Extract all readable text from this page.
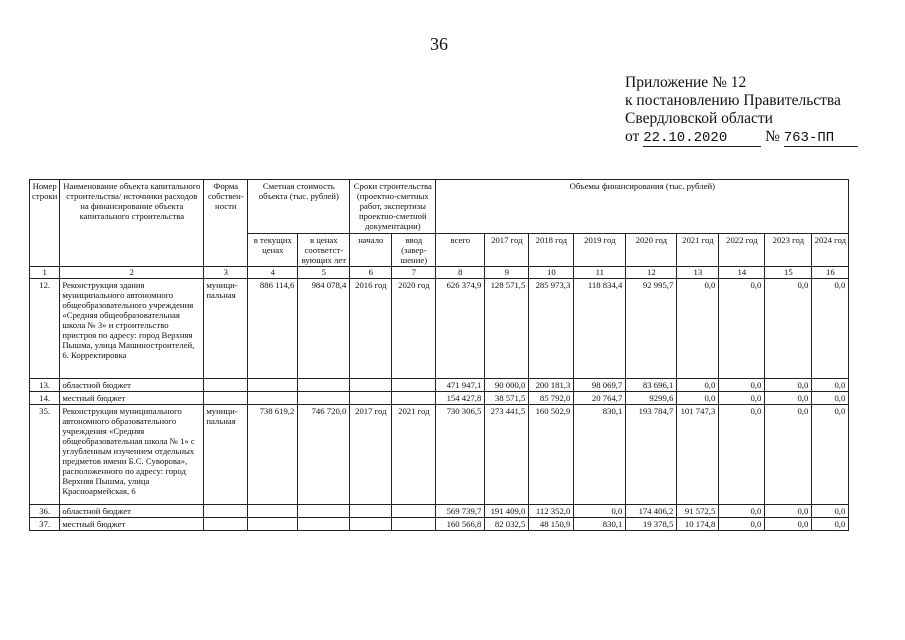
36
Приложение № 12
к постановлению Правительства
Свердловской области
от 22.10.2020 № 763-ПП
Номер строки	Наименование объекта капитального строительства/ источники расходов на финансирование объекта капитального строительства	Форма собствен- ности	Сметная стоимость объекта (тыс. рублей)		Сроки строительства (проектно-сметных работ, экспертизы проектно-сметной документации)		Объемы финансирования (тыс. рублей)								
			в текущих ценах	в ценах соответст- вующих лет	начало	ввод (завер- шение)	всего	2017 год	2018 год	2019 год	2020 год	2021 год	2022 год	2023 год	2024 год
1	2	3	4	5	6	7	8	9	10	11	12	13	14	15	16
12.	Реконструкция здания муниципального автономного общеобразовательного учреждения «Средняя общеобразовательная школа № 3» и строительство пристроя по адресу: город Верхняя Пышма, улица Машиностроителей, 6. Корректировка	муници-пальная	886 114,6	984 078,4	2016 год	2020 год	626 374,9	128 571,5	285 973,3	118 834,4	92 995,7	0,0	0,0	0,0	0,0
13.	областной бюджет						471 947,1	90 000,0	200 181,3	98 069,7	83 696,1	0,0	0,0	0,0	0,0
14.	местный бюджет						154 427,8	38 571,5	85 792,0	20 764,7	9299,6	0,0	0,0	0,0	0,0
35.	Реконструкция муниципального автономного образовательного учреждения «Средняя общеобразовательная школа № 1» с углубленным изучением отдельных предметов имени Б.С. Суворова», расположенного по адресу: город Верхняя Пышма, улица Красноармейская, 6	муници-пальная	738 619,2	746 720,0	2017 год	2021 год	730 306,5	273 441,5	160 502,9	830,1	193 784,7	101 747,3	0,0	0,0	0,0
36.	областной бюджет						569 739,7	191 409,0	112 352,0	0,0	174 406,2	91 572,5	0,0	0,0	0,0
37.	местный бюджет						160 566,8	82 032,5	48 150,9	830,1	19 378,5	10 174,8	0,0	0,0	0,0
